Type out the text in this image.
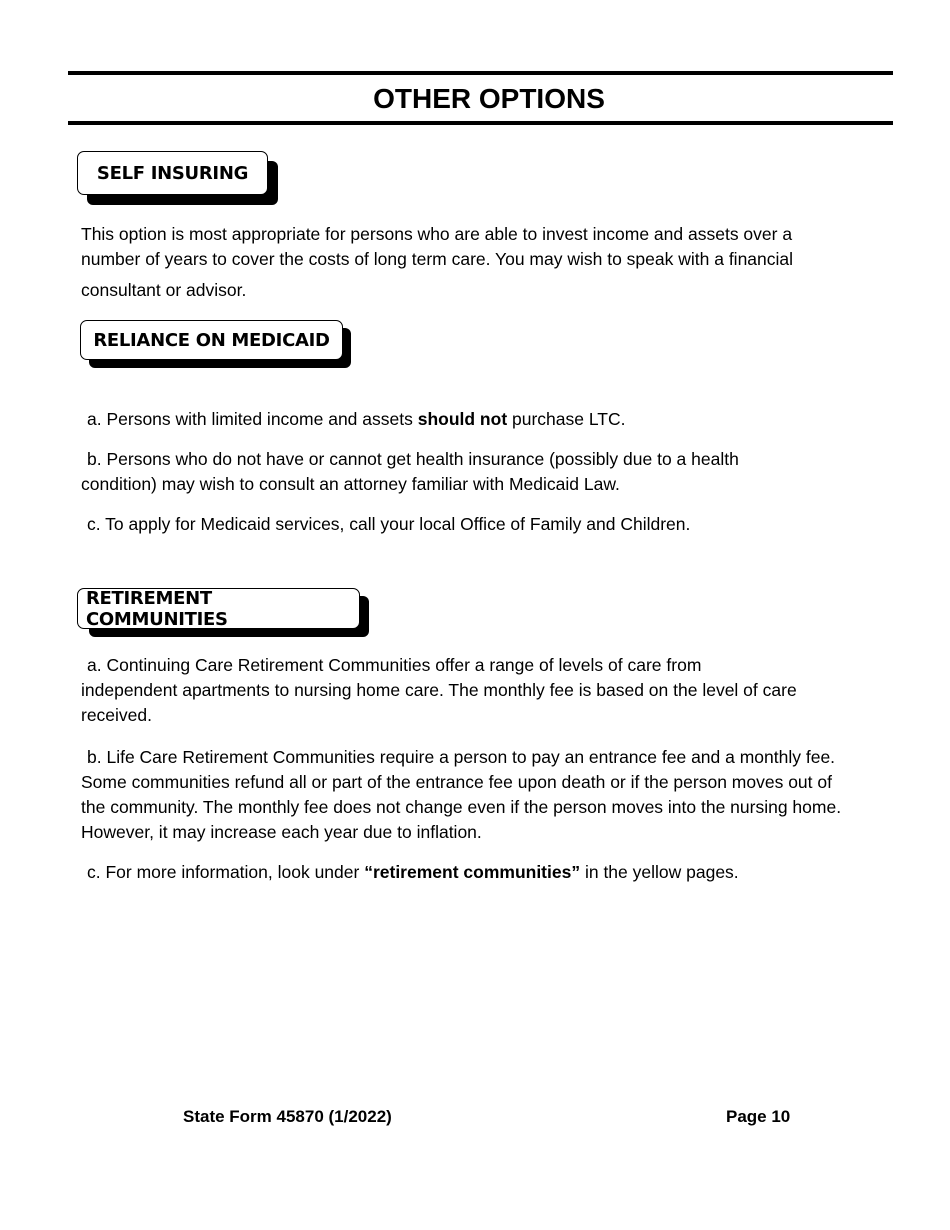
OTHER OPTIONS
SELF INSURING

This option is most appropriate for persons who are able to invest income and assets over a
number of years to cover the costs of long term care. You may wish to speak with a financial
consultant or advisor.

RELIANCE ON MEDICAID

a. Persons with limited income and assets should not purchase LTC.

b. Persons who do not have or cannot get health insurance (possibly due to a health
condition) may wish to consult an attorney familiar with Medicaid Law.

c. To apply for Medicaid services, call your local Office of Family and Children.

RETIREMENT COMMUNITIES

a. Continuing Care Retirement Communities offer a range of levels of care from
independent apartments to nursing home care. The monthly fee is based on the level of care
received.

b. Life Care Retirement Communities require a person to pay an entrance fee and a monthly fee.
Some communities refund all or part of the entrance fee upon death or if the person moves out of
the community. The monthly fee does not change even if the person moves into the nursing home.
However, it may increase each year due to inflation.

c. For more information, look under “retirement communities” in the yellow pages.

State Form 45870 (1/2022)	Page 10
